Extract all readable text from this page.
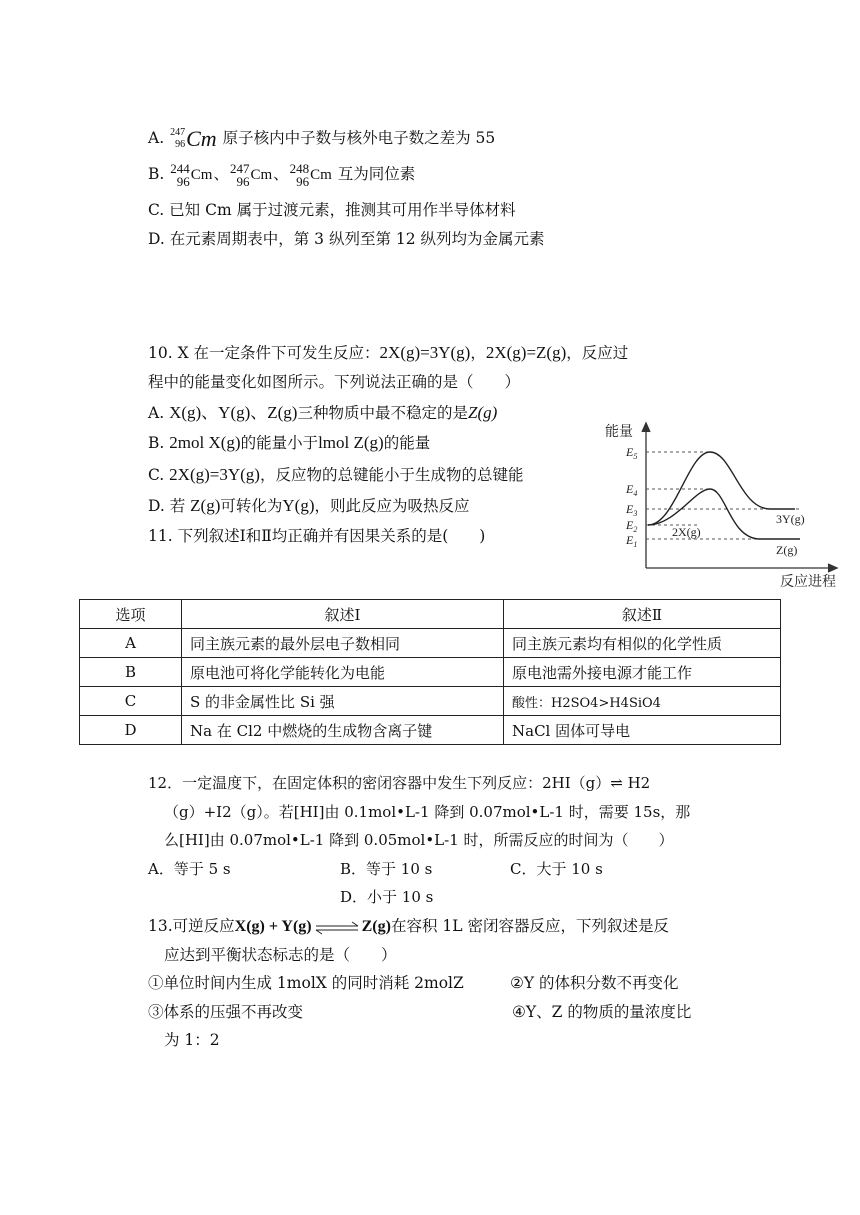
A. 247
96 Cm 原子核内中子数与核外电子数之差为 55
B. 244
96 Cm 、 247
96 Cm 、 248
96 Cm 互为同位素
C. 已知 Cm 属于过渡元素，推测其可用作半导体材料
D. 在元素周期表中，第 3 纵列至第 12 纵列均为金属元素
10. X 在一定条件下可发生反应：2X(g)=3Y(g)，2X(g)=Z(g)，反应过
程中的能量变化如图所示。下列说法正确的是（　　）
A. X(g)、Y(g)、Z(g)三种物质中最不稳定的是Z(g)
B. 2mol X(g)的能量小于lmol Z(g)的能量
C. 2X(g)=3Y(g)，反应物的总键能小于生成物的总键能
D. 若 Z(g)可转化为Y(g)，则此反应为吸热反应
能量
反应进程
$E_5$
$E_4$
$E_3$
$E_2$
$E_1$
3Y(g)
2X(g)
Z(g)
11. 下列叙述Ⅰ和Ⅱ均正确并有因果关系的是(　　)
选项	叙述Ⅰ	叙述Ⅱ
A	同主族元素的最外层电子数相同	同主族元素均有相似的化学性质
B	原电池可将化学能转化为电能	原电池需外接电源才能工作
C	S 的非金属性比 Si 强	酸性：H2SO4>H4SiO4
D	Na 在 Cl2 中燃烧的生成物含离子键	NaCl 固体可导电
12．一定温度下，在固定体积的密闭容器中发生下列反应：2HI（g）⇌ H2
（g）+I2（g）。若[HI]由 0.1mol•L-1 降到 0.07mol•L-1 时，需要 15s，那
么[HI]由 0.07mol•L-1 降到 0.05mol•L-1 时，所需反应的时间为（　　）
A．等于 5 s	B．等于 10 s	C．大于 10 s
D．小于 10 s
13.可逆反应X(g) + Y(g) ⇌ Z(g)在容积 1L 密闭容器反应，下列叙述是反
应达到平衡状态标志的是（　　）
①单位时间内生成 1molX 的同时消耗 2molZ	②Y 的体积分数不再变化
③体系的压强不再改变	④Y、Z 的物质的量浓度比
为 1：2
